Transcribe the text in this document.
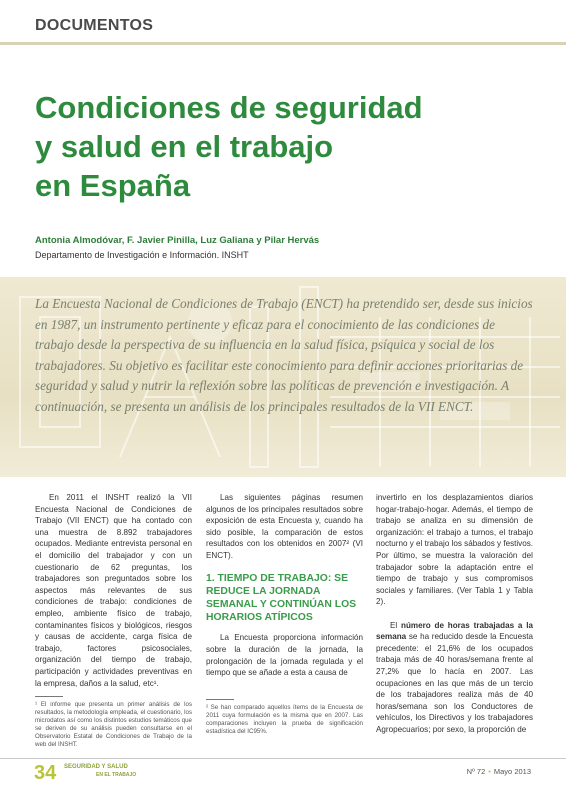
DOCUMENTOS
Condiciones de seguridad
y salud en el trabajo
en España
Antonia Almodóvar, F. Javier Pinilla, Luz Galiana y Pilar Hervás
Departamento de Investigación e Información. INSHT

La Encuesta Nacional de Condiciones de Trabajo (ENCT) ha pretendido ser, desde sus inicios en 1987, un instrumento pertinente y eficaz para el conocimiento de las condiciones de trabajo desde la perspectiva de su influencia en la salud física, psíquica y social de los trabajadores. Su objetivo es facilitar este conocimiento para definir acciones prioritarias de seguridad y salud y nutrir la reflexión sobre las políticas de prevención e investigación. A continuación, se presenta un análisis de los principales resultados de la VII ENCT.

En 2011 el INSHT realizó la VII Encuesta Nacional de Condiciones de Trabajo (VII ENCT) que ha contado con una muestra de 8.892 trabajadores ocupados. Mediante entrevista personal en el domicilio del trabajador y con un cuestionario de 62 preguntas, los trabajadores son preguntados sobre los aspectos más relevantes de sus condiciones de trabajo: condiciones de empleo, ambiente físico de trabajo, contaminantes físicos y biológicos, riesgos y causas de accidente, carga física de trabajo, factores psicosociales, organización del tiempo de trabajo, participación y actividades preventivas en la empresa, daños a la salud, etc¹.

¹ El informe que presenta un primer análisis de los resultados, la metodología empleada, el cuestionario, los microdatos así como los distintos estudios temáticos que se deriven de su análisis pueden consultarse en el Observatorio Estatal de Condiciones de Trabajo de la web del INSHT.

Las siguientes páginas resumen algunos de los principales resultados sobre exposición de esta Encuesta y, cuando ha sido posible, la comparación de estos resultados con los obtenidos en 2007² (VI ENCT).

1. TIEMPO DE TRABAJO: SE REDUCE LA JORNADA SEMANAL Y CONTINÚAN LOS HORARIOS ATÍPICOS

La Encuesta proporciona información sobre la duración de la jornada, la prolongación de la jornada regulada y el tiempo que se añade a esta a causa de

² Se han comparado aquellos ítems de la Encuesta de 2011 cuya formulación es la misma que en 2007. Las comparaciones incluyen la prueba de significación estadística del IC95%.

invertirlo en los desplazamientos diarios hogar-trabajo-hogar. Además, el tiempo de trabajo se analiza en su dimensión de organización: el trabajo a turnos, el trabajo nocturno y el trabajo los sábados y festivos. Por último, se muestra la valoración del trabajador sobre la adaptación entre el tiempo de trabajo y sus compromisos sociales y familiares. (Ver Tabla 1 y Tabla 2).

El número de horas trabajadas a la semana se ha reducido desde la Encuesta precedente: el 21,6% de los ocupados trabaja más de 40 horas/semana frente al 27,2% que lo hacía en 2007. Las ocupaciones en las que más de un tercio de los trabajadores realiza más de 40 horas/semana son los Conductores de vehículos, los Directivos y los trabajadores Agropecuarios; por sexo, la proporción de

34 SEGURIDAD Y SALUD
EN EL TRABAJO	Nº 72 • Mayo 2013
